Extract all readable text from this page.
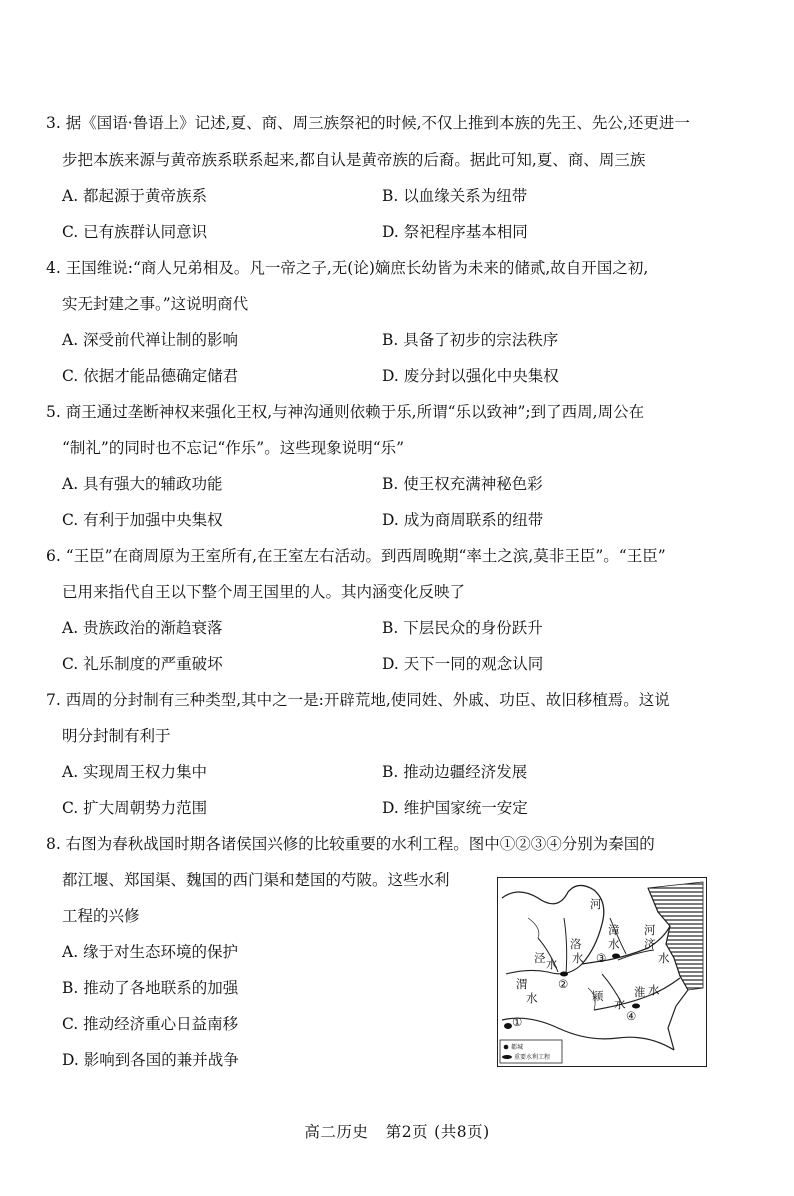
3. 据《国语·鲁语上》记述,夏、商、周三族祭祀的时候,不仅上推到本族的先王、先公,还更进一
步把本族来源与黄帝族系联系起来,都自认是黄帝族的后裔。据此可知,夏、商、周三族
A. 都起源于黄帝族系	B. 以血缘关系为纽带
C. 已有族群认同意识	D. 祭祀程序基本相同
4. 王国维说:“商人兄弟相及。凡一帝之子,无(论)嫡庶长幼皆为未来的储贰,故自开国之初,
实无封建之事。”这说明商代
A. 深受前代禅让制的影响	B. 具备了初步的宗法秩序
C. 依据才能品德确定储君	D. 废分封以强化中央集权
5. 商王通过垄断神权来强化王权,与神沟通则依赖于乐,所谓“乐以致神”;到了西周,周公在
“制礼”的同时也不忘记“作乐”。这些现象说明“乐”
A. 具有强大的辅政功能	B. 使王权充满神秘色彩
C. 有利于加强中央集权	D. 成为商周联系的纽带
6. “王臣”在商周原为王室所有,在王室左右活动。到西周晚期“率土之滨,莫非王臣”。“王臣”
已用来指代自王以下整个周王国里的人。其内涵变化反映了
A. 贵族政治的渐趋衰落	B. 下层民众的身份跃升
C. 礼乐制度的严重破坏	D. 天下一同的观念认同
7. 西周的分封制有三种类型,其中之一是:开辟荒地,使同姓、外戚、功臣、故旧移植焉。这说
明分封制有利于
A. 实现周王权力集中	B. 推动边疆经济发展
C. 扩大周朝势力范围	D. 维护国家统一安定
8. 右图为春秋战国时期各诸侯国兴修的比较重要的水利工程。图中①②③④分别为秦国的
都江堰、郑国渠、魏国的西门渠和楚国的芍陂。这些水利
工程的兴修
A. 缘于对生态环境的保护
B. 推动了各地联系的加强
C. 推动经济重心日益南移
D. 影响到各国的兼并战争
河
漳
水
河
济
水
泾 水
洛
水
渭
水	颍
水
淮 水
①
②
③
④
都城
重要水利工程
高二历史 第2页 (共8页)
